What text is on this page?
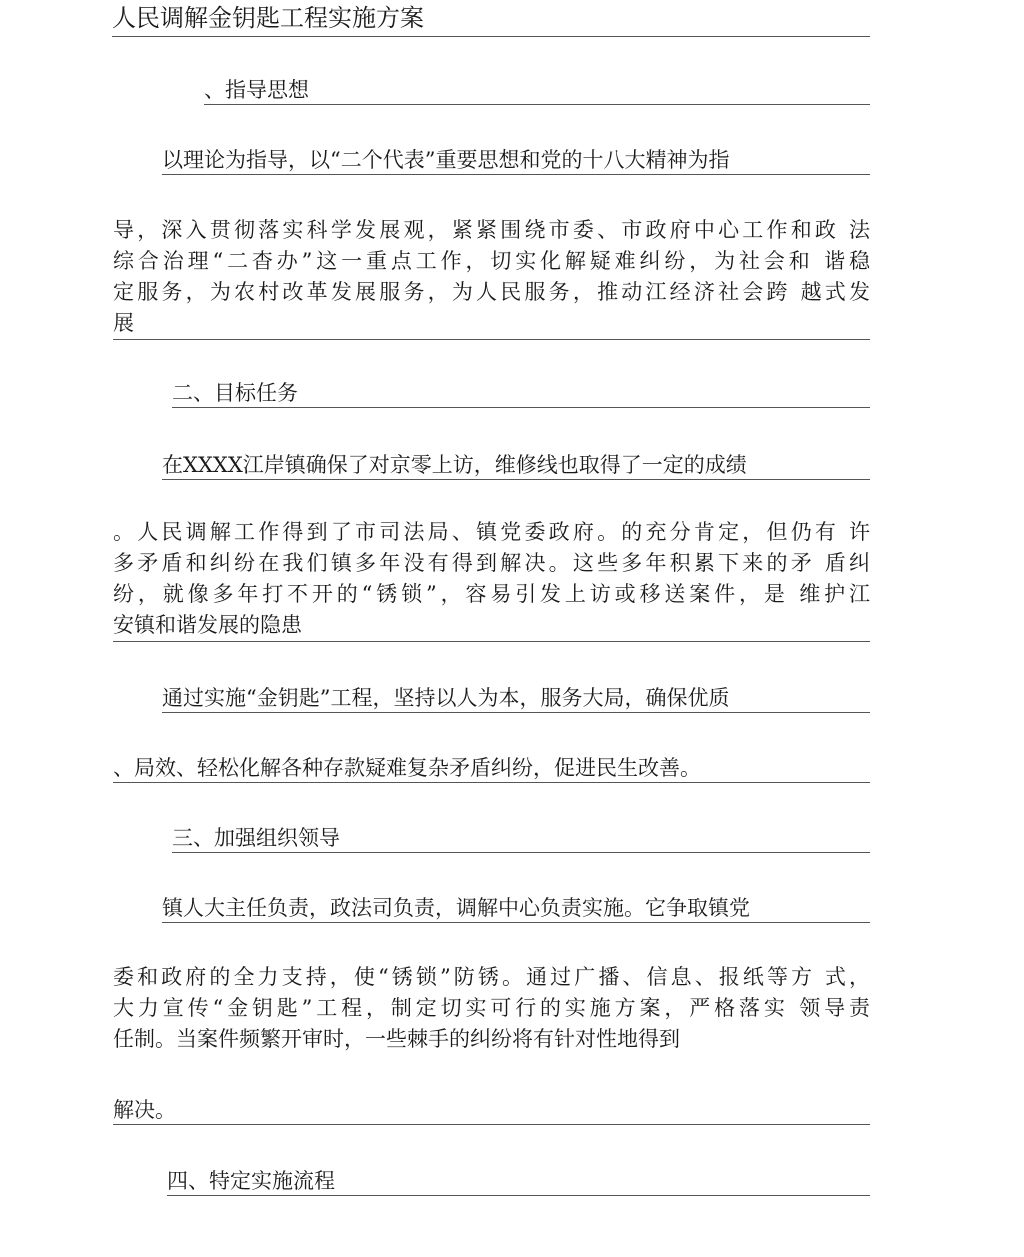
人民调解金钥匙工程实施方案
、指导思想
以理论为指导，以“二个代表”重要思想和党的十八大精神为指
导，深入贯彻落实科学发展观，紧紧围绕市委、市政府中心工作和政 法
综合治理“二杳办”这一重点工作，切实化解疑难纠纷，为社会和 谐稳
定服务，为农村改革发展服务，为人民服务，推动江经济社会跨 越式发
展
二、目标任务
在XXXX江岸镇确保了对京零上访，维修线也取得了一定的成绩
。人民调解工作得到了市司法局、镇党委政府。的充分肯定，但仍有 许
多矛盾和纠纷在我们镇多年没有得到解决。这些多年积累下来的矛 盾纠
纷，就像多年打不开的“锈锁”，容易引发上访或移送案件，是 维护江
安镇和谐发展的隐患
通过实施“金钥匙”工程，坚持以人为本，服务大局，确保优质
、局效、轻松化解各种存款疑难复杂矛盾纠纷，促进民生改善。
三、加强组织领导
镇人大主任负责，政法司负责，调解中心负责实施。它争取镇党
委和政府的全力支持，使“锈锁”防锈。通过广播、信息、报纸等方 式，
大力宣传“金钥匙”工程，制定切实可行的实施方案，严格落实 领导责
任制。当案件频繁开审时，一些棘手的纠纷将有针对性地得到
解决。
四、特定实施流程
